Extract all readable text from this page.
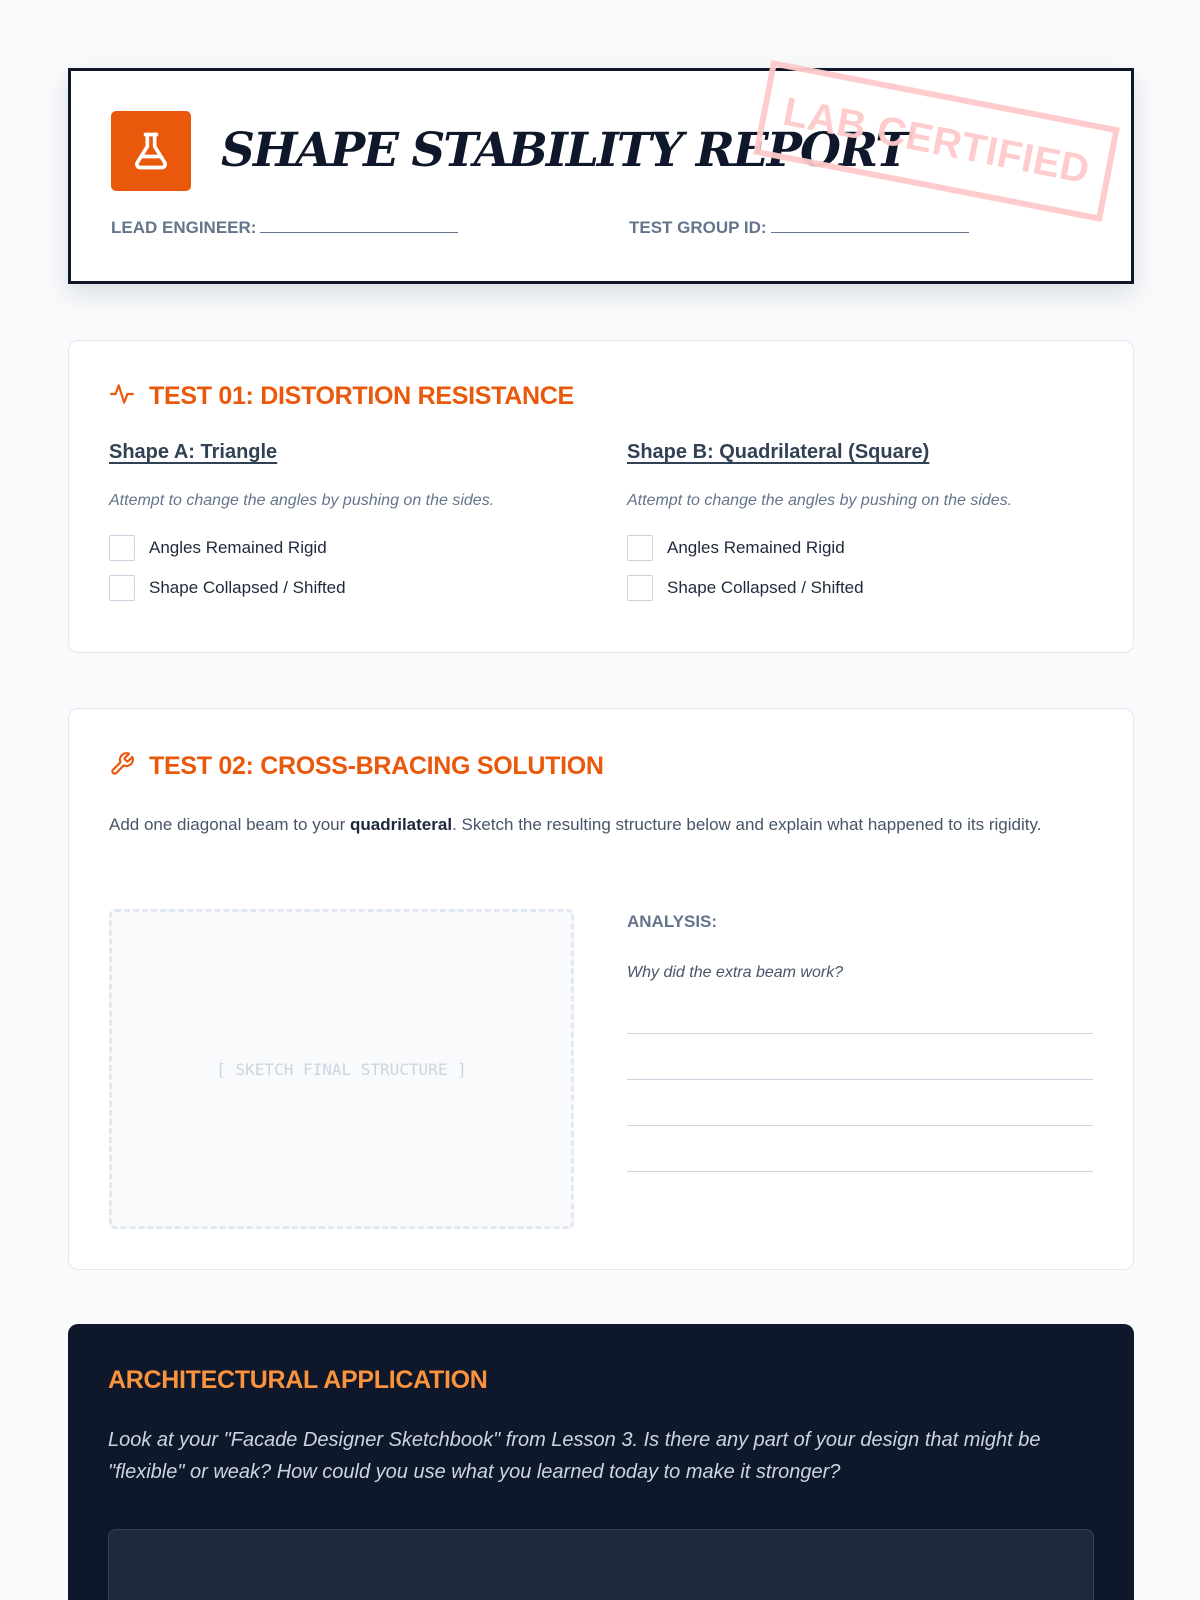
SHAPE STABILITY REPORT
LEAD ENGINEER:	TEST GROUP ID:
LAB CERTIFIED
TEST 01: DISTORTION RESISTANCE
Shape A: Triangle
Attempt to change the angles by pushing on the sides.
Angles Remained Rigid
Shape Collapsed / Shifted
Shape B: Quadrilateral (Square)
Attempt to change the angles by pushing on the sides.
Angles Remained Rigid
Shape Collapsed / Shifted
TEST 02: CROSS-BRACING SOLUTION
Add one diagonal beam to your quadrilateral. Sketch the resulting structure below and explain what happened to its rigidity.
[ SKETCH FINAL STRUCTURE ]
ANALYSIS:
Why did the extra beam work?
ARCHITECTURAL APPLICATION
Look at your "Facade Designer Sketchbook" from Lesson 3. Is there any part of your design that might be "flexible" or weak? How could you use what you learned today to make it stronger?
